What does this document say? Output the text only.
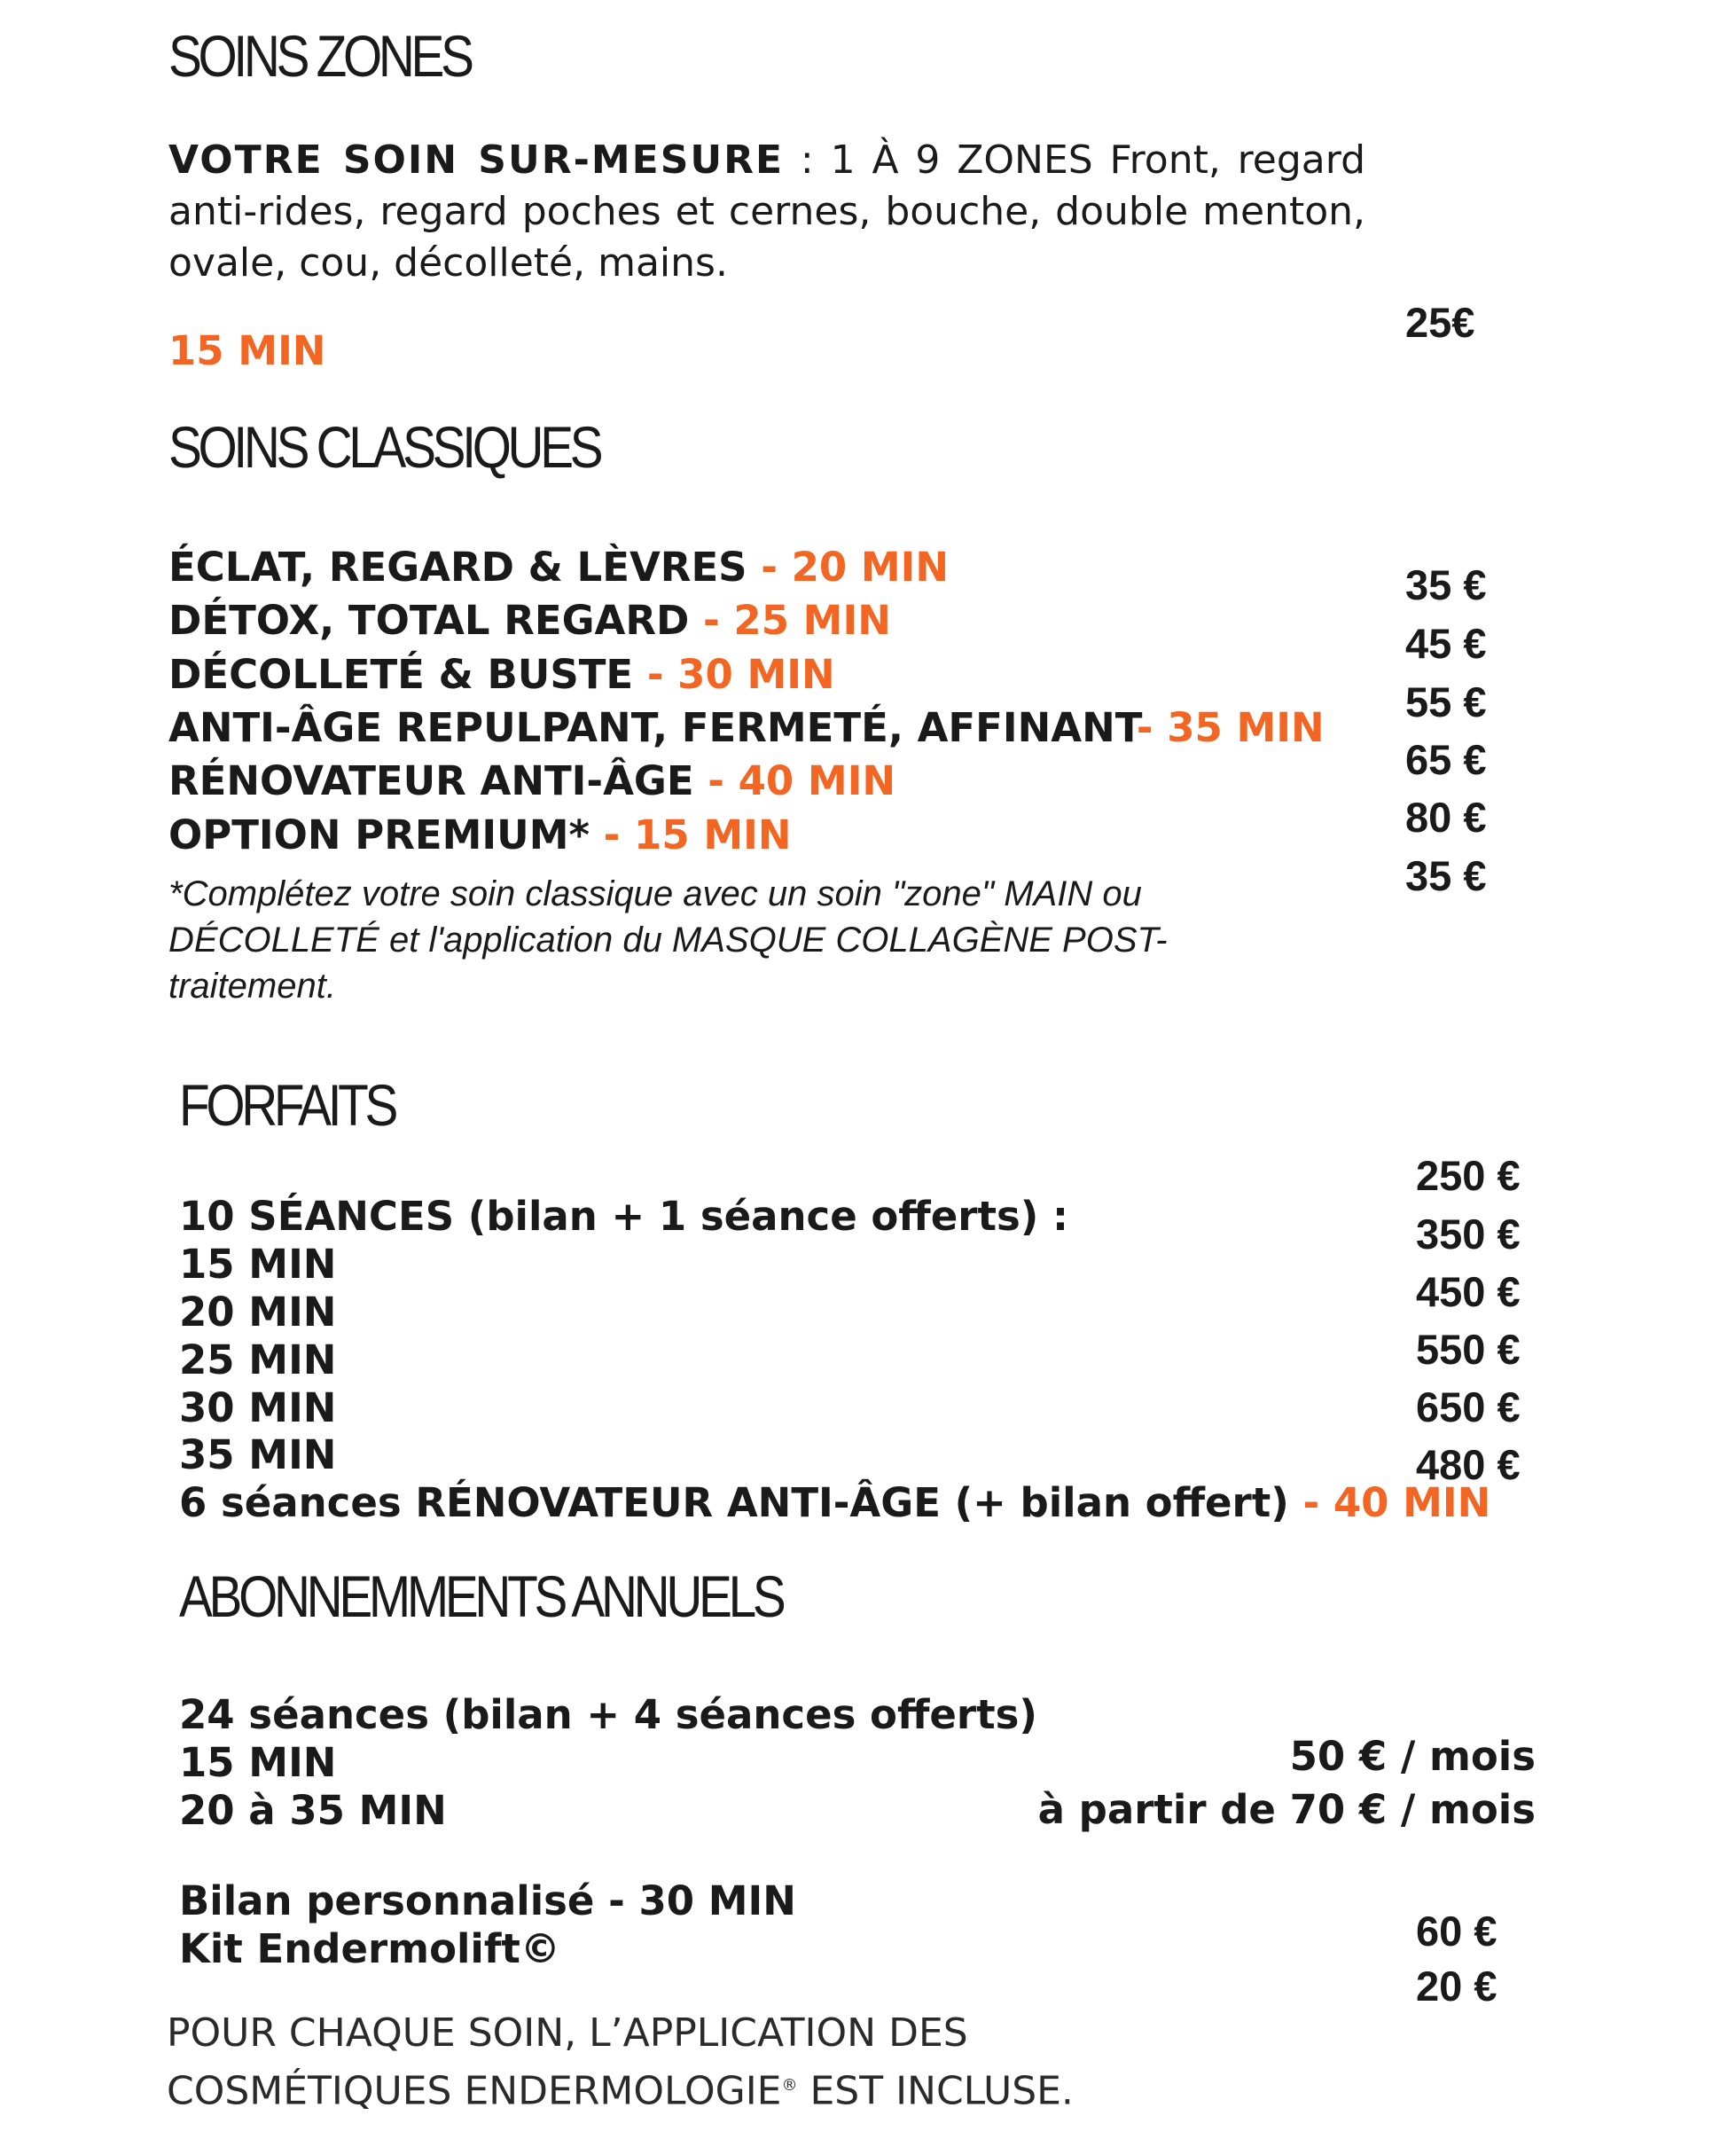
SOINS ZONES
VOTRE SOIN SUR-MESURE : 1 À 9 ZONES Front, regard anti-rides, regard poches et cernes, bouche, double menton, ovale, cou, décolleté, mains.
15 MIN
25€
SOINS CLASSIQUES
ÉCLAT, REGARD & LÈVRES - 20 MIN
DÉTOX, TOTAL REGARD - 25 MIN
DÉCOLLETÉ & BUSTE - 30 MIN
ANTI-ÂGE REPULPANT, FERMETÉ, AFFINANT- 35 MIN
RÉNOVATEUR ANTI-ÂGE - 40 MIN
OPTION PREMIUM* - 15 MIN
*Complétez votre soin classique avec un soin "zone" MAIN ou DÉCOLLETÉ et l'application du MASQUE COLLAGÈNE POST-traitement.
35 €
45 €
55 €
65 €
80 €
35 €
FORFAITS
10 SÉANCES (bilan + 1 séance offerts) :
15 MIN
20 MIN
25 MIN
30 MIN
35 MIN
6 séances RÉNOVATEUR ANTI-ÂGE (+ bilan offert) - 40 MIN
250 €
350 €
450 €
550 €
650 €
480 €
ABONNEMMENTS ANNUELS
24 séances (bilan + 4 séances offerts)
15 MIN
20 à 35 MIN
50 € / mois
à partir de 70 € / mois
Bilan personnalisé - 30 MIN
Kit Endermolift©	60 €
20 €
POUR CHAQUE SOIN, L’APPLICATION DES
COSMÉTIQUES ENDERMOLOGIE® EST INCLUSE.
